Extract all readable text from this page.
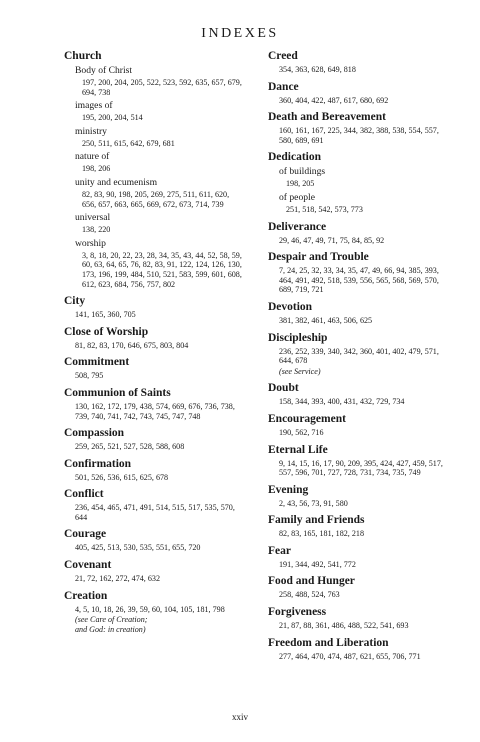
INDEXES
Church
Body of Christ
197, 200, 204, 205, 522, 523, 592, 635, 657, 679, 694, 738
images of
195, 200, 204, 514
ministry
250, 511, 615, 642, 679, 681
nature of
198, 206
unity and ecumenism
82, 83, 90, 198, 205, 269, 275, 511, 611, 620, 656, 657, 663, 665, 669, 672, 673, 714, 739
universal
138, 220
worship
3, 8, 18, 20, 22, 23, 28, 34, 35, 43, 44, 52, 58, 59, 60, 63, 64, 65, 76, 82, 83, 91, 122, 124, 126, 130, 173, 196, 199, 484, 510, 521, 583, 599, 601, 608, 612, 623, 684, 756, 757, 802
City
141, 165, 360, 705
Close of Worship
81, 82, 83, 170, 646, 675, 803, 804
Commitment
508, 795
Communion of Saints
130, 162, 172, 179, 438, 574, 669, 676, 736, 738, 739, 740, 741, 742, 743, 745, 747, 748
Compassion
259, 265, 521, 527, 528, 588, 608
Confirmation
501, 526, 536, 615, 625, 678
Conflict
236, 454, 465, 471, 491, 514, 515, 517, 535, 570, 644
Courage
405, 425, 513, 530, 535, 551, 655, 720
Covenant
21, 72, 162, 272, 474, 632
Creation
4, 5, 10, 18, 26, 39, 59, 60, 104, 105, 181, 798
(see Care of Creation;
and God: in creation)
Creed
354, 363, 628, 649, 818
Dance
360, 404, 422, 487, 617, 680, 692
Death and Bereavement
160, 161, 167, 225, 344, 382, 388, 538, 554, 557, 580, 689, 691
Dedication
of buildings
198, 205
of people
251, 518, 542, 573, 773
Deliverance
29, 46, 47, 49, 71, 75, 84, 85, 92
Despair and Trouble
7, 24, 25, 32, 33, 34, 35, 47, 49, 66, 94, 385, 393, 464, 491, 492, 518, 539, 556, 565, 568, 569, 570, 689, 719, 721
Devotion
381, 382, 461, 463, 506, 625
Discipleship
236, 252, 339, 340, 342, 360, 401, 402, 479, 571, 644, 678
(see Service)
Doubt
158, 344, 393, 400, 431, 432, 729, 734
Encouragement
190, 562, 716
Eternal Life
9, 14, 15, 16, 17, 90, 209, 395, 424, 427, 459, 517, 557, 596, 701, 727, 728, 731, 734, 735, 749
Evening
2, 43, 56, 73, 91, 580
Family and Friends
82, 83, 165, 181, 182, 218
Fear
191, 344, 492, 541, 772
Food and Hunger
258, 488, 524, 763
Forgiveness
21, 87, 88, 361, 486, 488, 522, 541, 693
Freedom and Liberation
277, 464, 470, 474, 487, 621, 655, 706, 771
xxiv
